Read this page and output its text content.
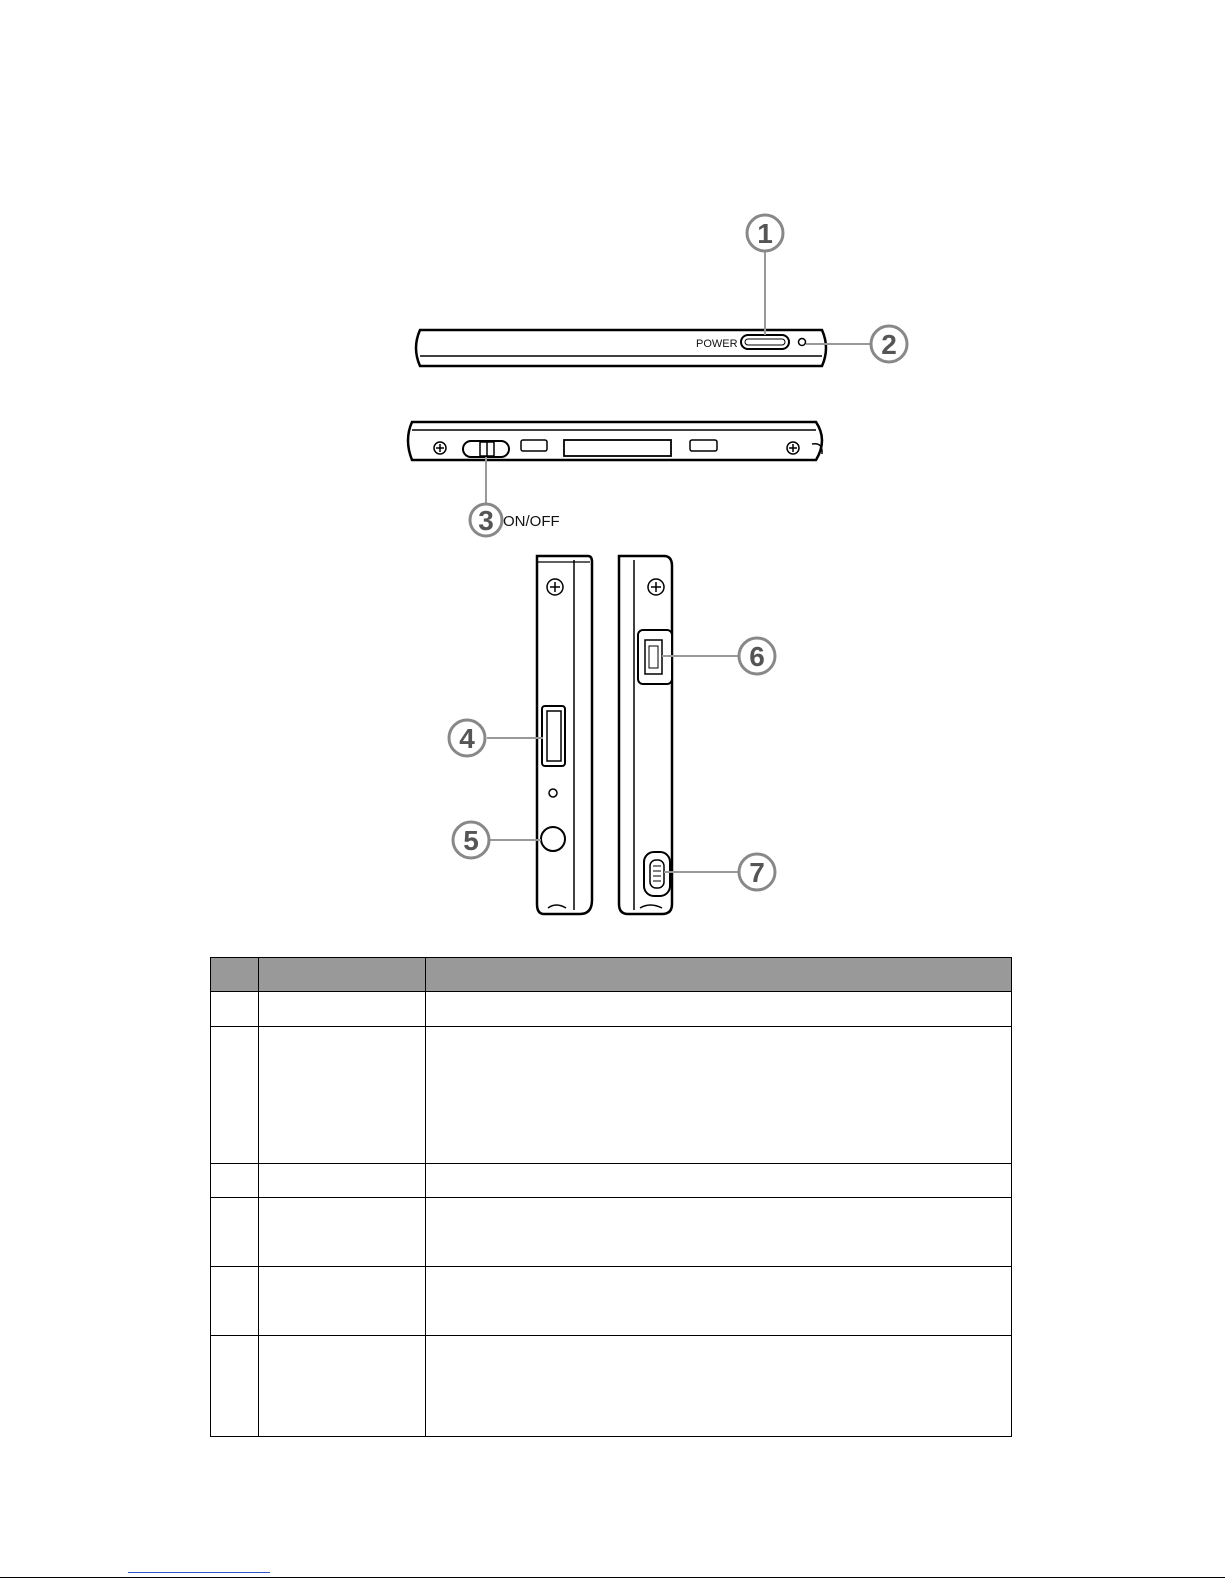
POWER
1
2
3 ON/OFF
4
5
6
7
